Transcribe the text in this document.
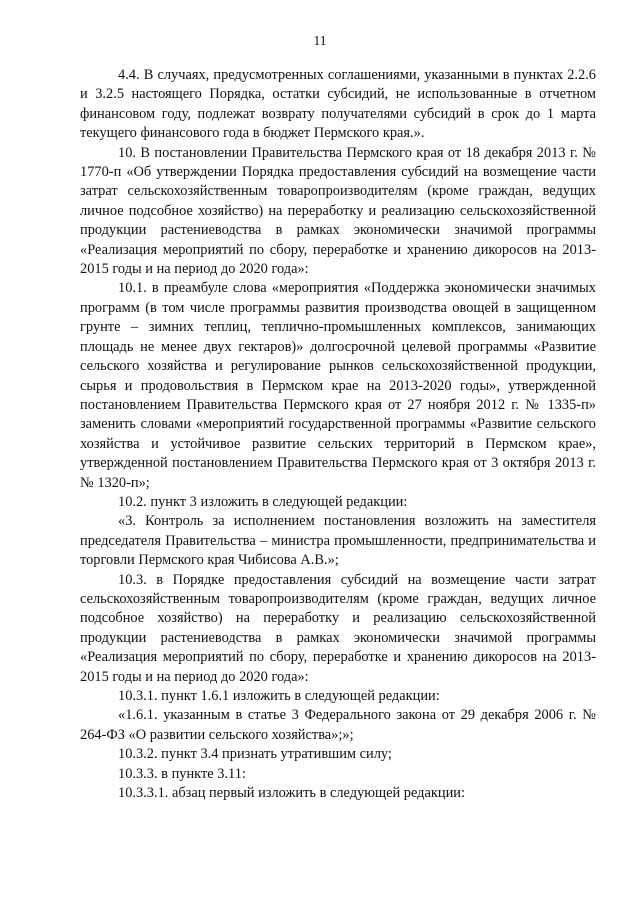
11

4.4. В случаях, предусмотренных соглашениями, указанными в пунктах 2.2.6 и 3.2.5 настоящего Порядка, остатки субсидий, не использованные в отчетном финансовом году, подлежат возврату получателями субсидий в срок до 1 марта текущего финансового года в бюджет Пермского края.».

10. В постановлении Правительства Пермского края от 18 декабря 2013 г. № 1770-п «Об утверждении Порядка предоставления субсидий на возмещение части затрат сельскохозяйственным товаропроизводителям (кроме граждан, ведущих личное подсобное хозяйство) на переработку и реализацию сельскохозяйственной продукции растениеводства в рамках экономически значимой программы «Реализация мероприятий по сбору, переработке и хранению дикоросов на 2013-2015 годы и на период до 2020 года»:

10.1. в преамбуле слова «мероприятия «Поддержка экономически значимых программ (в том числе программы развития производства овощей в защищенном грунте – зимних теплиц, теплично-промышленных комплексов, занимающих площадь не менее двух гектаров)» долгосрочной целевой программы «Развитие сельского хозяйства и регулирование рынков сельскохозяйственной продукции, сырья и продовольствия в Пермском крае на 2013-2020 годы», утвержденной постановлением Правительства Пермского края от 27 ноября 2012 г. № 1335-п» заменить словами «мероприятий государственной программы «Развитие сельского хозяйства и устойчивое развитие сельских территорий в Пермском крае», утвержденной постановлением Правительства Пермского края от 3 октября 2013 г. № 1320-п»;

10.2. пункт 3 изложить в следующей редакции:

«3. Контроль за исполнением постановления возложить на заместителя председателя Правительства – министра промышленности, предпринимательства и торговли Пермского края Чибисова А.В.»;

10.3. в Порядке предоставления субсидий на возмещение части затрат сельскохозяйственным товаропроизводителям (кроме граждан, ведущих личное подсобное хозяйство) на переработку и реализацию сельскохозяйственной продукции растениеводства в рамках экономически значимой программы «Реализация мероприятий по сбору, переработке и хранению дикоросов на 2013-2015 годы и на период до 2020 года»:

10.3.1. пункт 1.6.1 изложить в следующей редакции:

«1.6.1. указанным в статье 3 Федерального закона от 29 декабря 2006 г. № 264-ФЗ «О развитии сельского хозяйства»;»;

10.3.2. пункт 3.4 признать утратившим силу;

10.3.3. в пункте 3.11:

10.3.3.1. абзац первый изложить в следующей редакции:
